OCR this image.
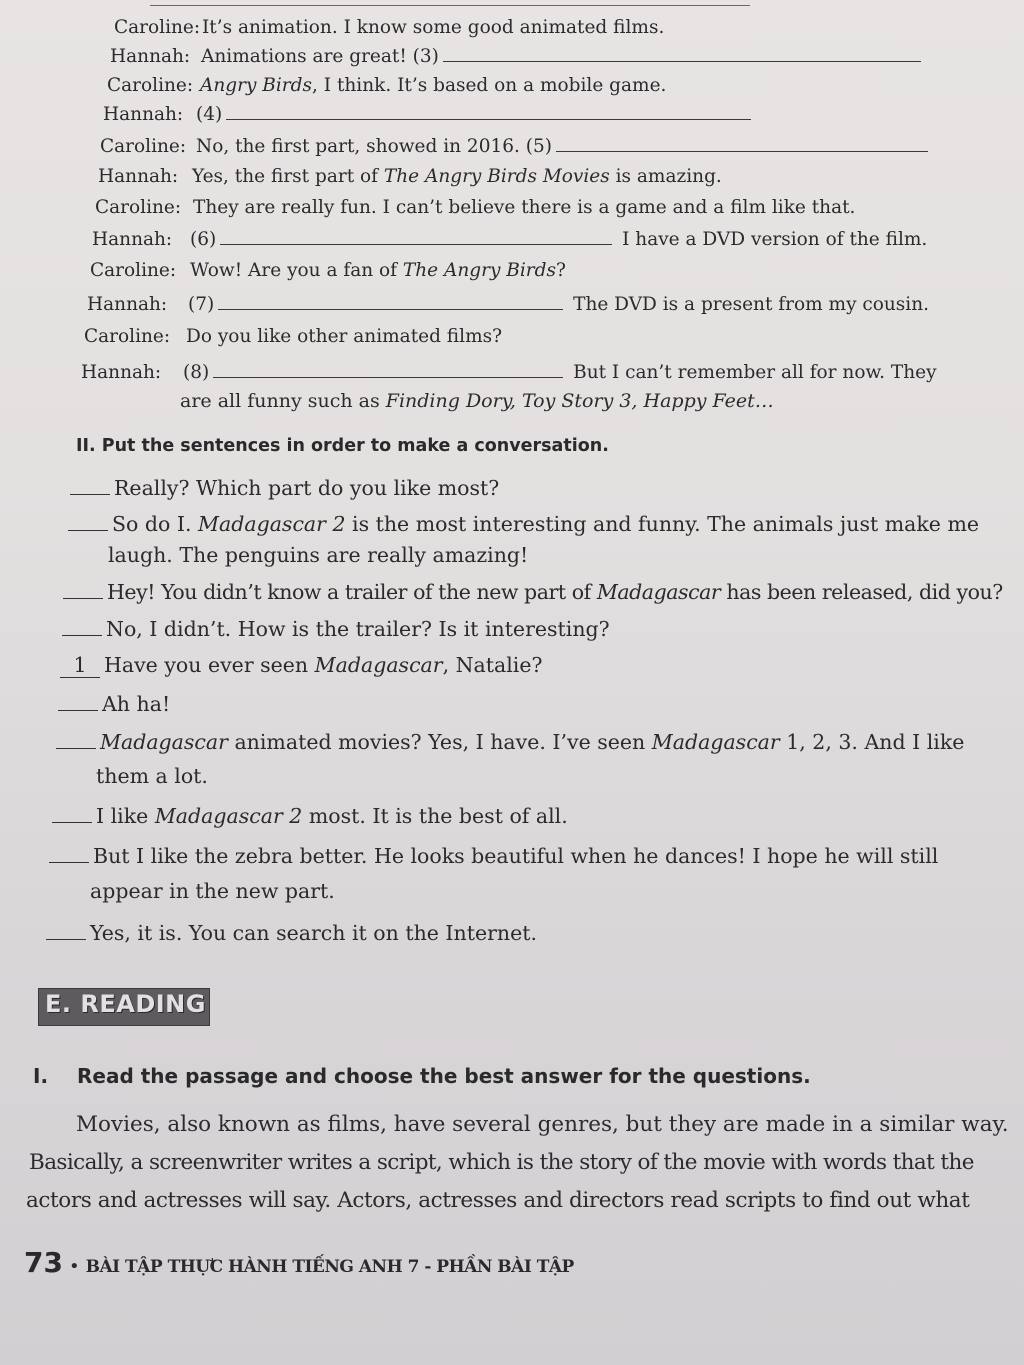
Caroline: It’s animation. I know some good animated films.
Hannah: Animations are great! (3)
Caroline: Angry Birds, I think. It’s based on a mobile game.
Hannah: (4)
Caroline: No, the first part, showed in 2016. (5)
Hannah: Yes, the first part of The Angry Birds Movies is amazing.
Caroline: They are really fun. I can’t believe there is a game and a film like that.
Hannah: (6)	I have a DVD version of the film.
Caroline: Wow! Are you a fan of The Angry Birds?
Hannah: (7)	The DVD is a present from my cousin.
Caroline: Do you like other animated films?
Hannah: (8)	But I can’t remember all for now. They
are all funny such as Finding Dory, Toy Story 3, Happy Feet…
II. Put the sentences in order to make a conversation.
Really? Which part do you like most?
So do I. Madagascar 2 is the most interesting and funny. The animals just make me
laugh. The penguins are really amazing!
Hey! You didn’t know a trailer of the new part of Madagascar has been released, did you?
No, I didn’t. How is the trailer? Is it interesting?
1 Have you ever seen Madagascar, Natalie?
Ah ha!
Madagascar animated movies? Yes, I have. I’ve seen Madagascar 1, 2, 3. And I like
them a lot.
I like Madagascar 2 most. It is the best of all.
But I like the zebra better. He looks beautiful when he dances! I hope he will still
appear in the new part.
Yes, it is. You can search it on the Internet.
E. READING
I. Read the passage and choose the best answer for the questions.
Movies, also known as films, have several genres, but they are made in a similar way.
Basically, a screenwriter writes a script, which is the story of the movie with words that the
actors and actresses will say. Actors, actresses and directors read scripts to find out what
73 • BÀI TẬP THỰC HÀNH TIẾNG ANH 7 - PHẦN BÀI TẬP
